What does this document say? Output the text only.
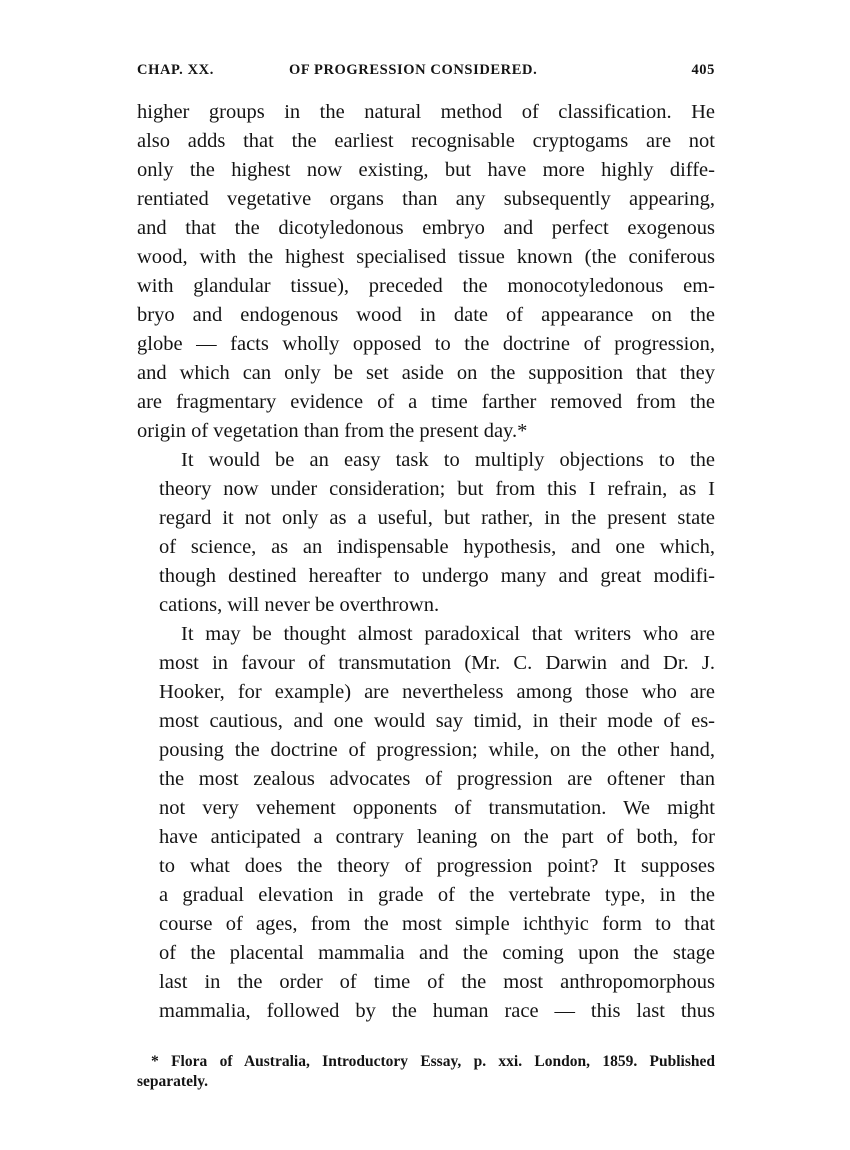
CHAP. XX.	OF PROGRESSION CONSIDERED.	405

higher groups in the natural method of classification. He
also adds that the earliest recognisable cryptogams are not
only the highest now existing, but have more highly diffe-
rentiated vegetative organs than any subsequently appearing,
and that the dicotyledonous embryo and perfect exogenous
wood, with the highest specialised tissue known (the coniferous
with glandular tissue), preceded the monocotyledonous em-
bryo and endogenous wood in date of appearance on the
globe — facts wholly opposed to the doctrine of progression,
and which can only be set aside on the supposition that they
are fragmentary evidence of a time farther removed from the
origin of vegetation than from the present day.*

It would be an easy task to multiply objections to the
theory now under consideration; but from this I refrain, as I
regard it not only as a useful, but rather, in the present state
of science, as an indispensable hypothesis, and one which,
though destined hereafter to undergo many and great modifi-
cations, will never be overthrown.

It may be thought almost paradoxical that writers who are
most in favour of transmutation (Mr. C. Darwin and Dr. J.
Hooker, for example) are nevertheless among those who are
most cautious, and one would say timid, in their mode of es-
pousing the doctrine of progression; while, on the other hand,
the most zealous advocates of progression are oftener than
not very vehement opponents of transmutation. We might
have anticipated a contrary leaning on the part of both, for
to what does the theory of progression point? It supposes
a gradual elevation in grade of the vertebrate type, in the
course of ages, from the most simple ichthyic form to that
of the placental mammalia and the coming upon the stage
last in the order of time of the most anthropomorphous
mammalia, followed by the human race — this last thus

* Flora of Australia, Introductory Essay, p. xxi. London, 1859. Published
separately.
